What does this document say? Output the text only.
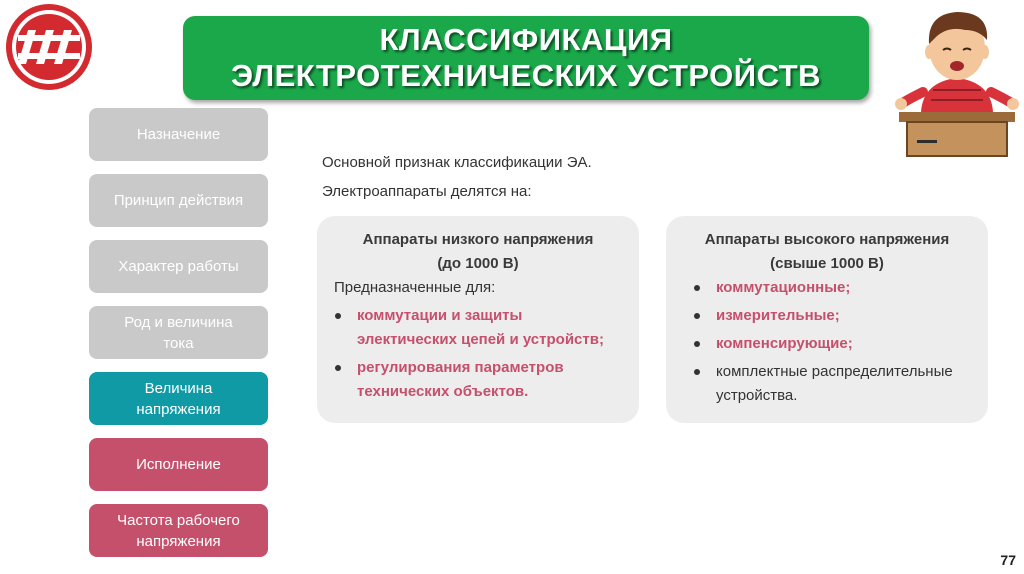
КЛАССИФИКАЦИЯ
ЭЛЕКТРОТЕХНИЧЕСКИХ УСТРОЙСТВ
Назначение
Принцип действия
Характер работы
Род и величина
тока
Величина
напряжения
Исполнение
Частота рабочего
напряжения
Основной признак классификации ЭА.
Электроаппараты делятся на:
Аппараты низкого напряжения
(до 1000 В)
Предназначенные для:
коммутации и защиты
электических цепей и устройств;
регулирования параметров
технических объектов.
Аппараты высокого напряжения
(свыше 1000 В)
коммутационные;
измерительные;
компенсирующие;
комплектные распределительные
устройства.
77
